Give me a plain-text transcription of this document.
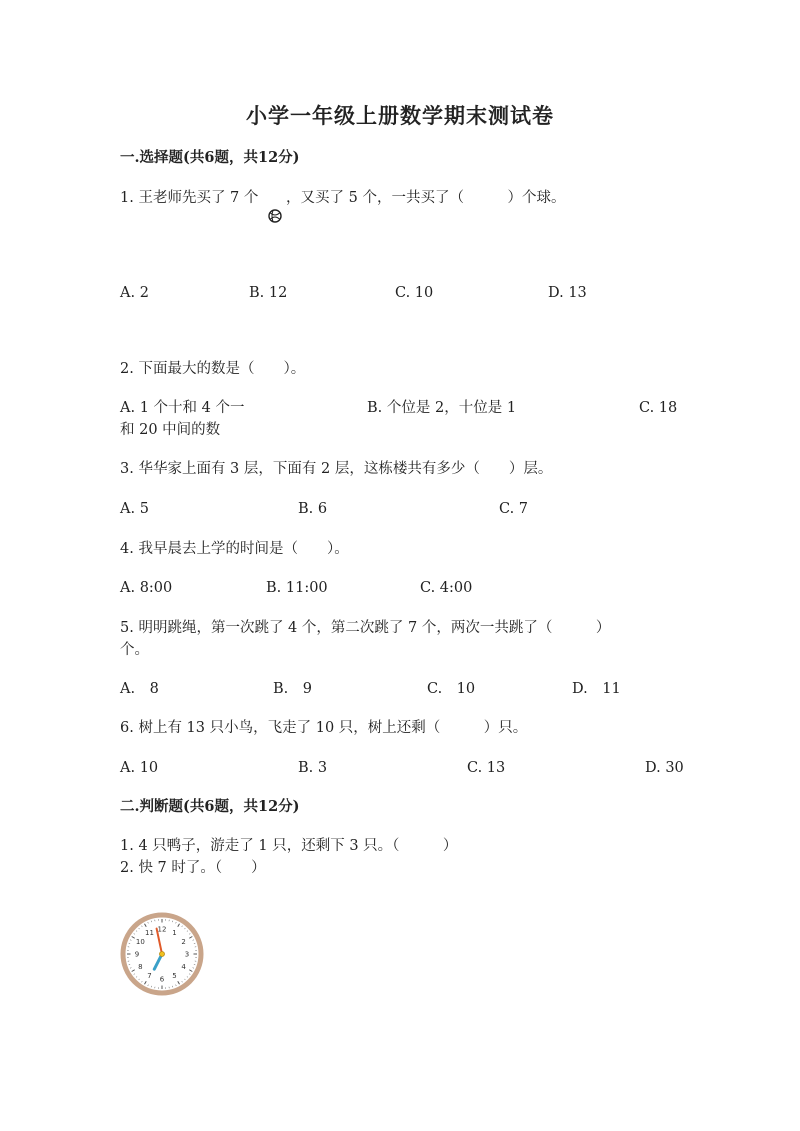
小学一年级上册数学期末测试卷
一.选择题(共6题，共12分)
1. 王老师先买了 7 个 ，又买了 5 个，一共买了（　　　）个球。
A. 2	B. 12	C. 10	D. 13
2. 下面最大的数是（　　）。
A. 1 个十和 4 个一
和 20 中间的数
B. 个位是 2，十位是 1	C. 18
3. 华华家上面有 3 层，下面有 2 层，这栋楼共有多少（　　）层。
A. 5	B. 6	C. 7
4. 我早晨去上学的时间是（　　）。
A. 8:00	B. 11:00	C. 4:00
5. 明明跳绳，第一次跳了 4 个，第二次跳了 7 个，两次一共跳了（　　　）
个。
A.　8	B.　9	C.　10	D.　11
6. 树上有 13 只小鸟，飞走了 10 只，树上还剩（　　　）只。
A. 10	B. 3	C. 13	D. 30
二.判断题(共6题，共12分)
1. 4 只鸭子，游走了 1 只，还剩下 3 只。（　　　）
2. 快 7 时了。（　　）
12 1
2
3
4
5
6
7
8
9
10
11
